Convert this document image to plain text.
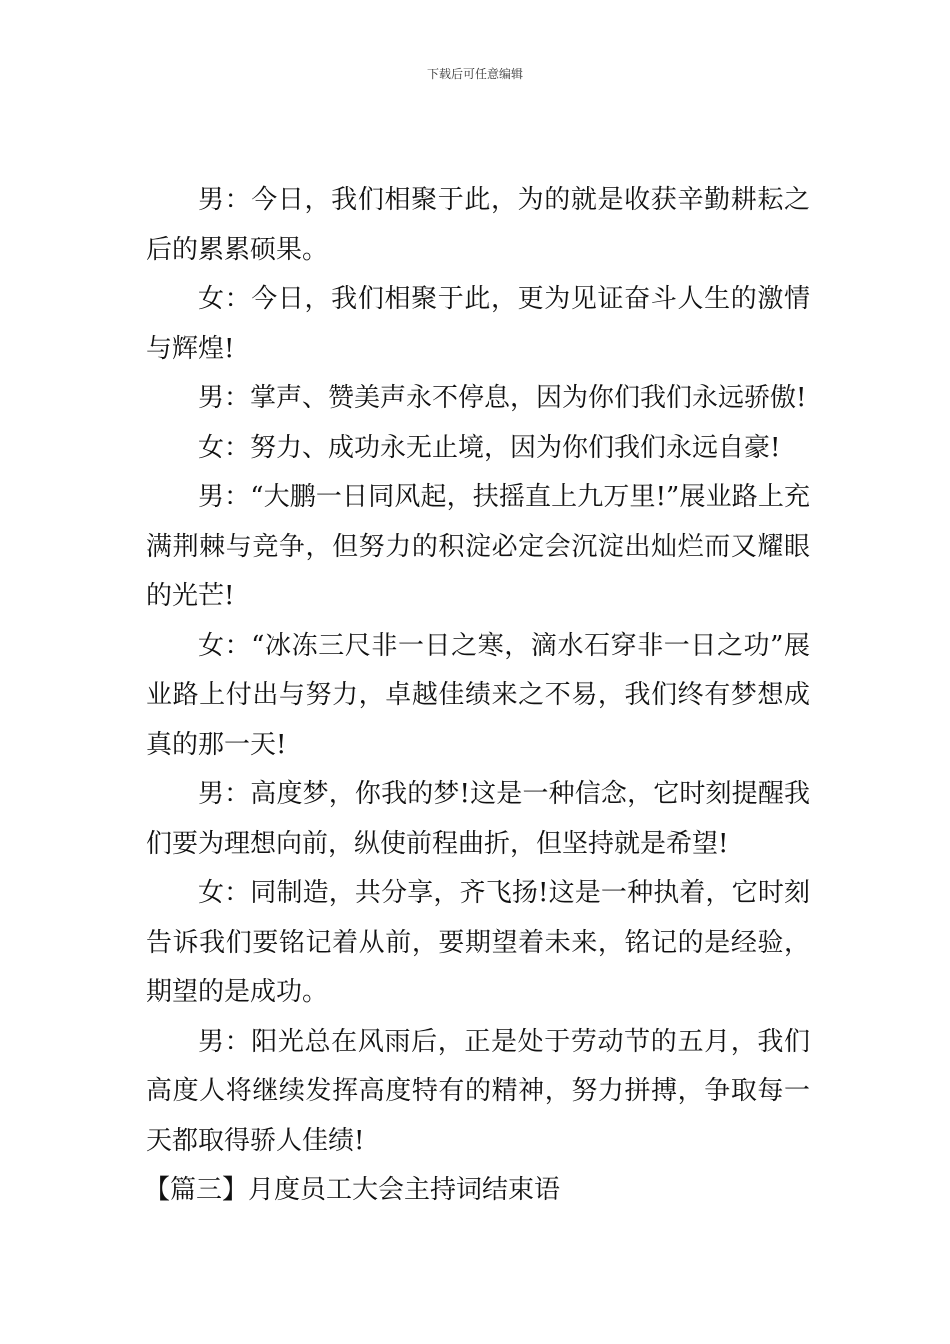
下载后可任意编辑

男：今日，我们相聚于此，为的就是收获辛勤耕耘之后的累累硕果。

女：今日，我们相聚于此，更为见证奋斗人生的激情与辉煌!

男：掌声、赞美声永不停息，因为你们我们永远骄傲!

女：努力、成功永无止境，因为你们我们永远自豪!

男：“大鹏一日同风起，扶摇直上九万里!”展业路上充满荆棘与竞争，但努力的积淀必定会沉淀出灿烂而又耀眼的光芒!

女：“冰冻三尺非一日之寒，滴水石穿非一日之功”展业路上付出与努力，卓越佳绩来之不易，我们终有梦想成真的那一天!

男：高度梦，你我的梦!这是一种信念，它时刻提醒我们要为理想向前，纵使前程曲折，但坚持就是希望!

女：同制造，共分享，齐飞扬!这是一种执着，它时刻告诉我们要铭记着从前，要期望着未来，铭记的是经验，期望的是成功。

男：阳光总在风雨后，正是处于劳动节的五月，我们高度人将继续发挥高度特有的精神，努力拼搏，争取每一天都取得骄人佳绩!

【篇三】月度员工大会主持词结束语
